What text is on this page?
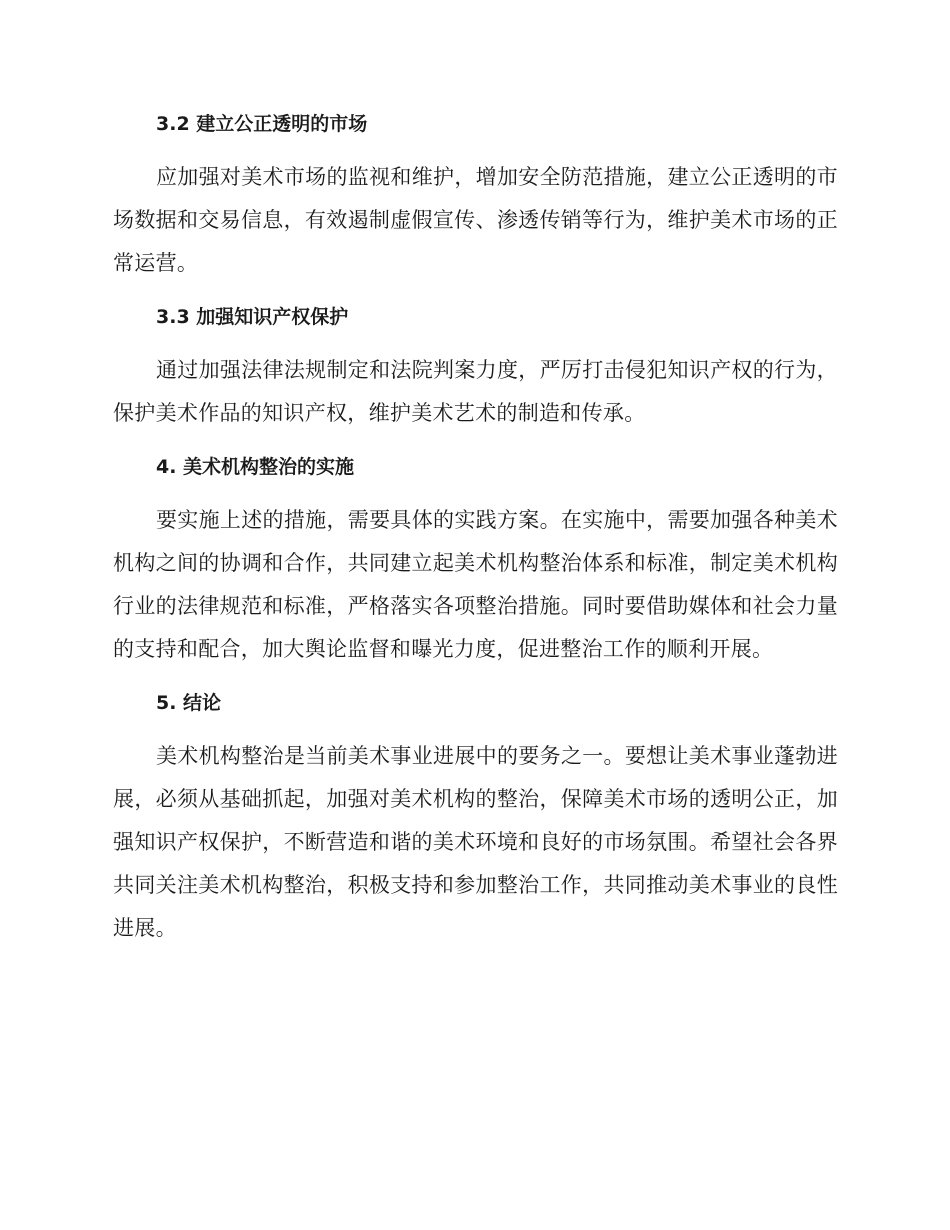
3.2 建立公正透明的市场

应加强对美术市场的监视和维护，增加安全防范措施，建立公正透明的市场数据和交易信息，有效遏制虚假宣传、渗透传销等行为，维护美术市场的正常运营。

3.3 加强知识产权保护

通过加强法律法规制定和法院判案力度，严厉打击侵犯知识产权的行为，保护美术作品的知识产权，维护美术艺术的制造和传承。

4. 美术机构整治的实施

要实施上述的措施，需要具体的实践方案。在实施中，需要加强各种美术机构之间的协调和合作，共同建立起美术机构整治体系和标准，制定美术机构行业的法律规范和标准，严格落实各项整治措施。同时要借助媒体和社会力量的支持和配合，加大舆论监督和曝光力度，促进整治工作的顺利开展。

5. 结论

美术机构整治是当前美术事业进展中的要务之一。要想让美术事业蓬勃进展，必须从基础抓起，加强对美术机构的整治，保障美术市场的透明公正，加强知识产权保护，不断营造和谐的美术环境和良好的市场氛围。希望社会各界共同关注美术机构整治，积极支持和参加整治工作，共同推动美术事业的良性进展。
